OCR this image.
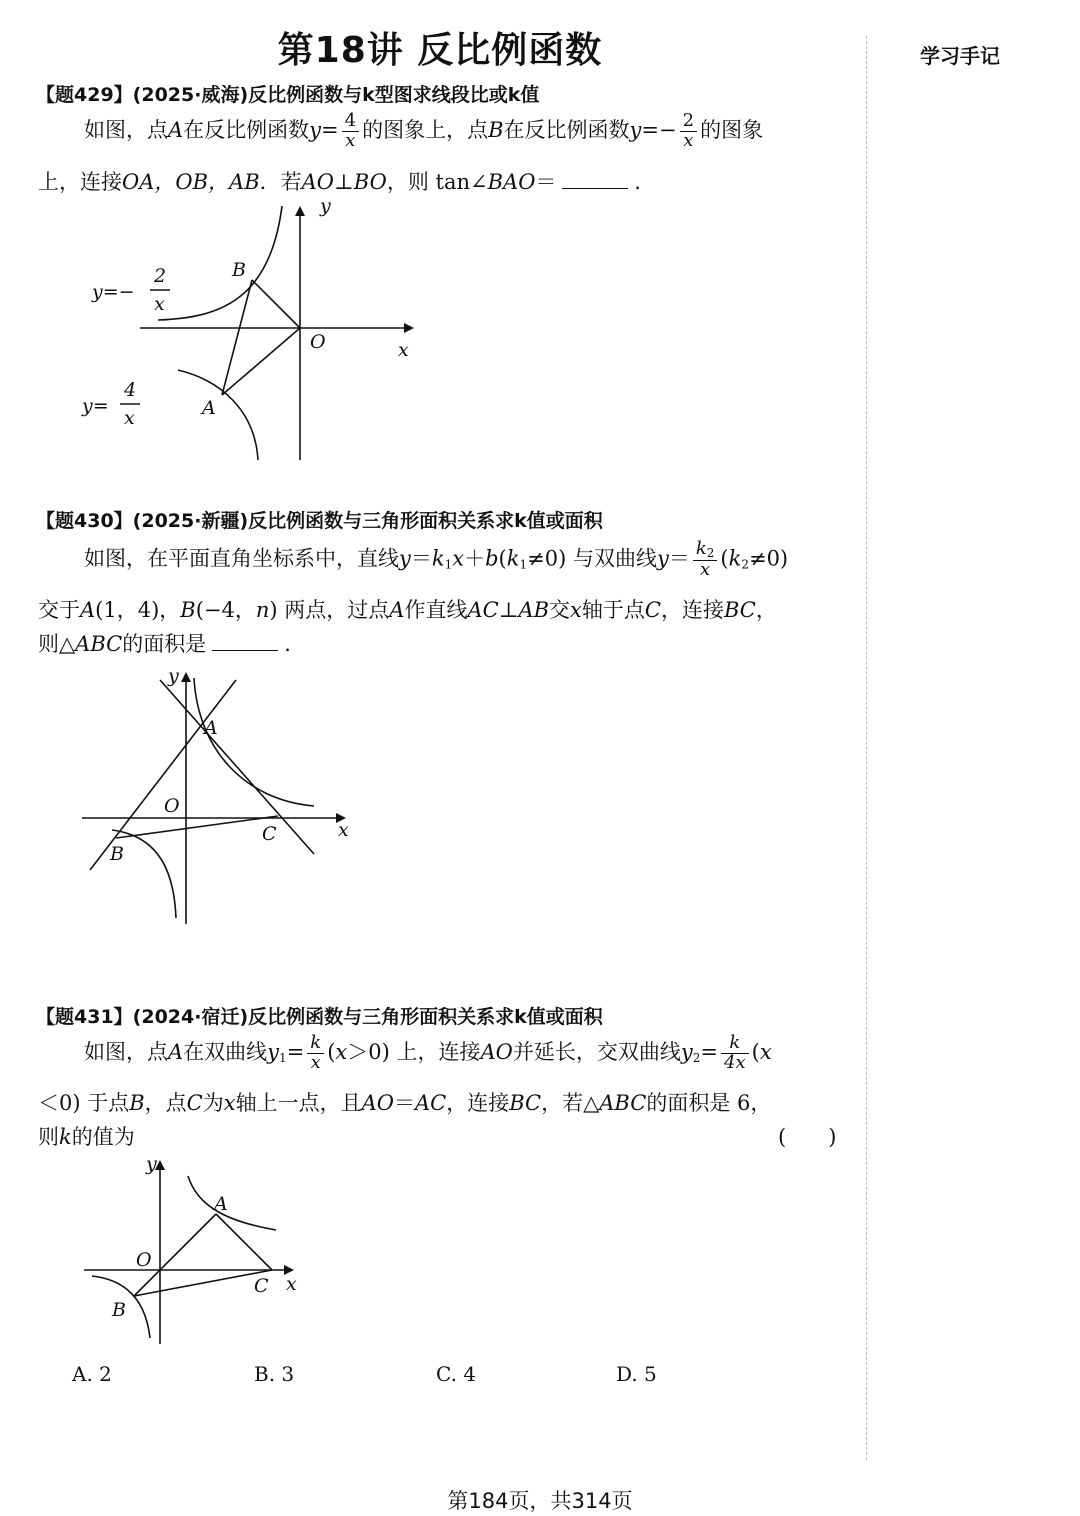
第18讲 反比例函数	学习手记
【题429】(2025·威海)反比例函数与k型图求线段比或k值
如图，点A在反比例函数$y= \frac{4}{x}$ 的图象上，点B在反比例函数$y=- \frac{2}{x}$ 的图象
上，连接OA，OB，AB．若AO⊥BO，则 tan∠BAO＝	．
y
x
O
B
A
y=−
2
x
y=
4
x
【题430】(2025·新疆)反比例函数与三角形面积关系求k值或面积
如图，在平面直角坐标系中，直线$y=k_1x+b(k_1\ne 0)$ 与双曲线$y= \frac{k_2}{x} (k_2\ne 0)$
交于A(1，4)，B(−4，n) 两点，过点A作直线AC⊥AB交x轴于点C，连接BC，
则△ABC的面积是	．
y
x
O
A
B
C
【题431】(2024·宿迁)反比例函数与三角形面积关系求k值或面积
如图，点A在双曲线$y_1= \frac{k}{x} (x>0)$ 上，连接AO并延长，交双曲线$y_2= \frac{k}{4x} (x$
＜0) 于点B，点C为x轴上一点，且AO＝AC，连接BC，若△ABC的面积是 6，
则k的值为	(　　)
y
x
O
A
B
C
A. 2	B. 3	C. 4	D. 5
第184页，共314页
